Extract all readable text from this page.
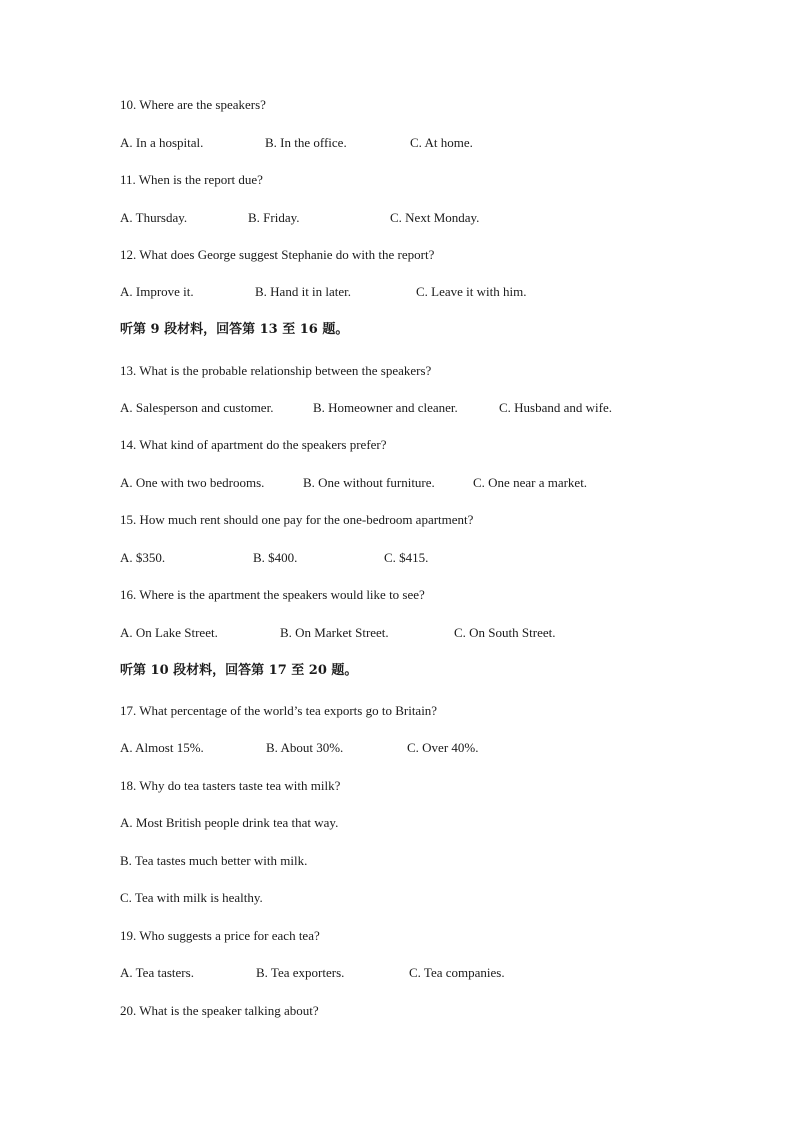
10. Where are the speakers?
A. In a hospital.	B. In the office.	C. At home.
11. When is the report due?
A. Thursday.	B. Friday.	C. Next Monday.
12. What does George suggest Stephanie do with the report?
A. Improve it.	B. Hand it in later.	C. Leave it with him.
听第 9 段材料，回答第 13 至 16 题。
13. What is the probable relationship between the speakers?
A. Salesperson and customer.	B. Homeowner and cleaner.	C. Husband and wife.
14. What kind of apartment do the speakers prefer?
A. One with two bedrooms.	B. One without furniture.	C. One near a market.
15. How much rent should one pay for the one-bedroom apartment?
A. $350.	B. $400.	C. $415.
16. Where is the apartment the speakers would like to see?
A. On Lake Street.	B. On Market Street.	C. On South Street.
听第 10 段材料，回答第 17 至 20 题。
17. What percentage of the world’s tea exports go to Britain?
A. Almost 15%.	B. About 30%.	C. Over 40%.
18. Why do tea tasters taste tea with milk?
A. Most British people drink tea that way.
B. Tea tastes much better with milk.
C. Tea with milk is healthy.
19. Who suggests a price for each tea?
A. Tea tasters.	B. Tea exporters.	C. Tea companies.
20. What is the speaker talking about?
